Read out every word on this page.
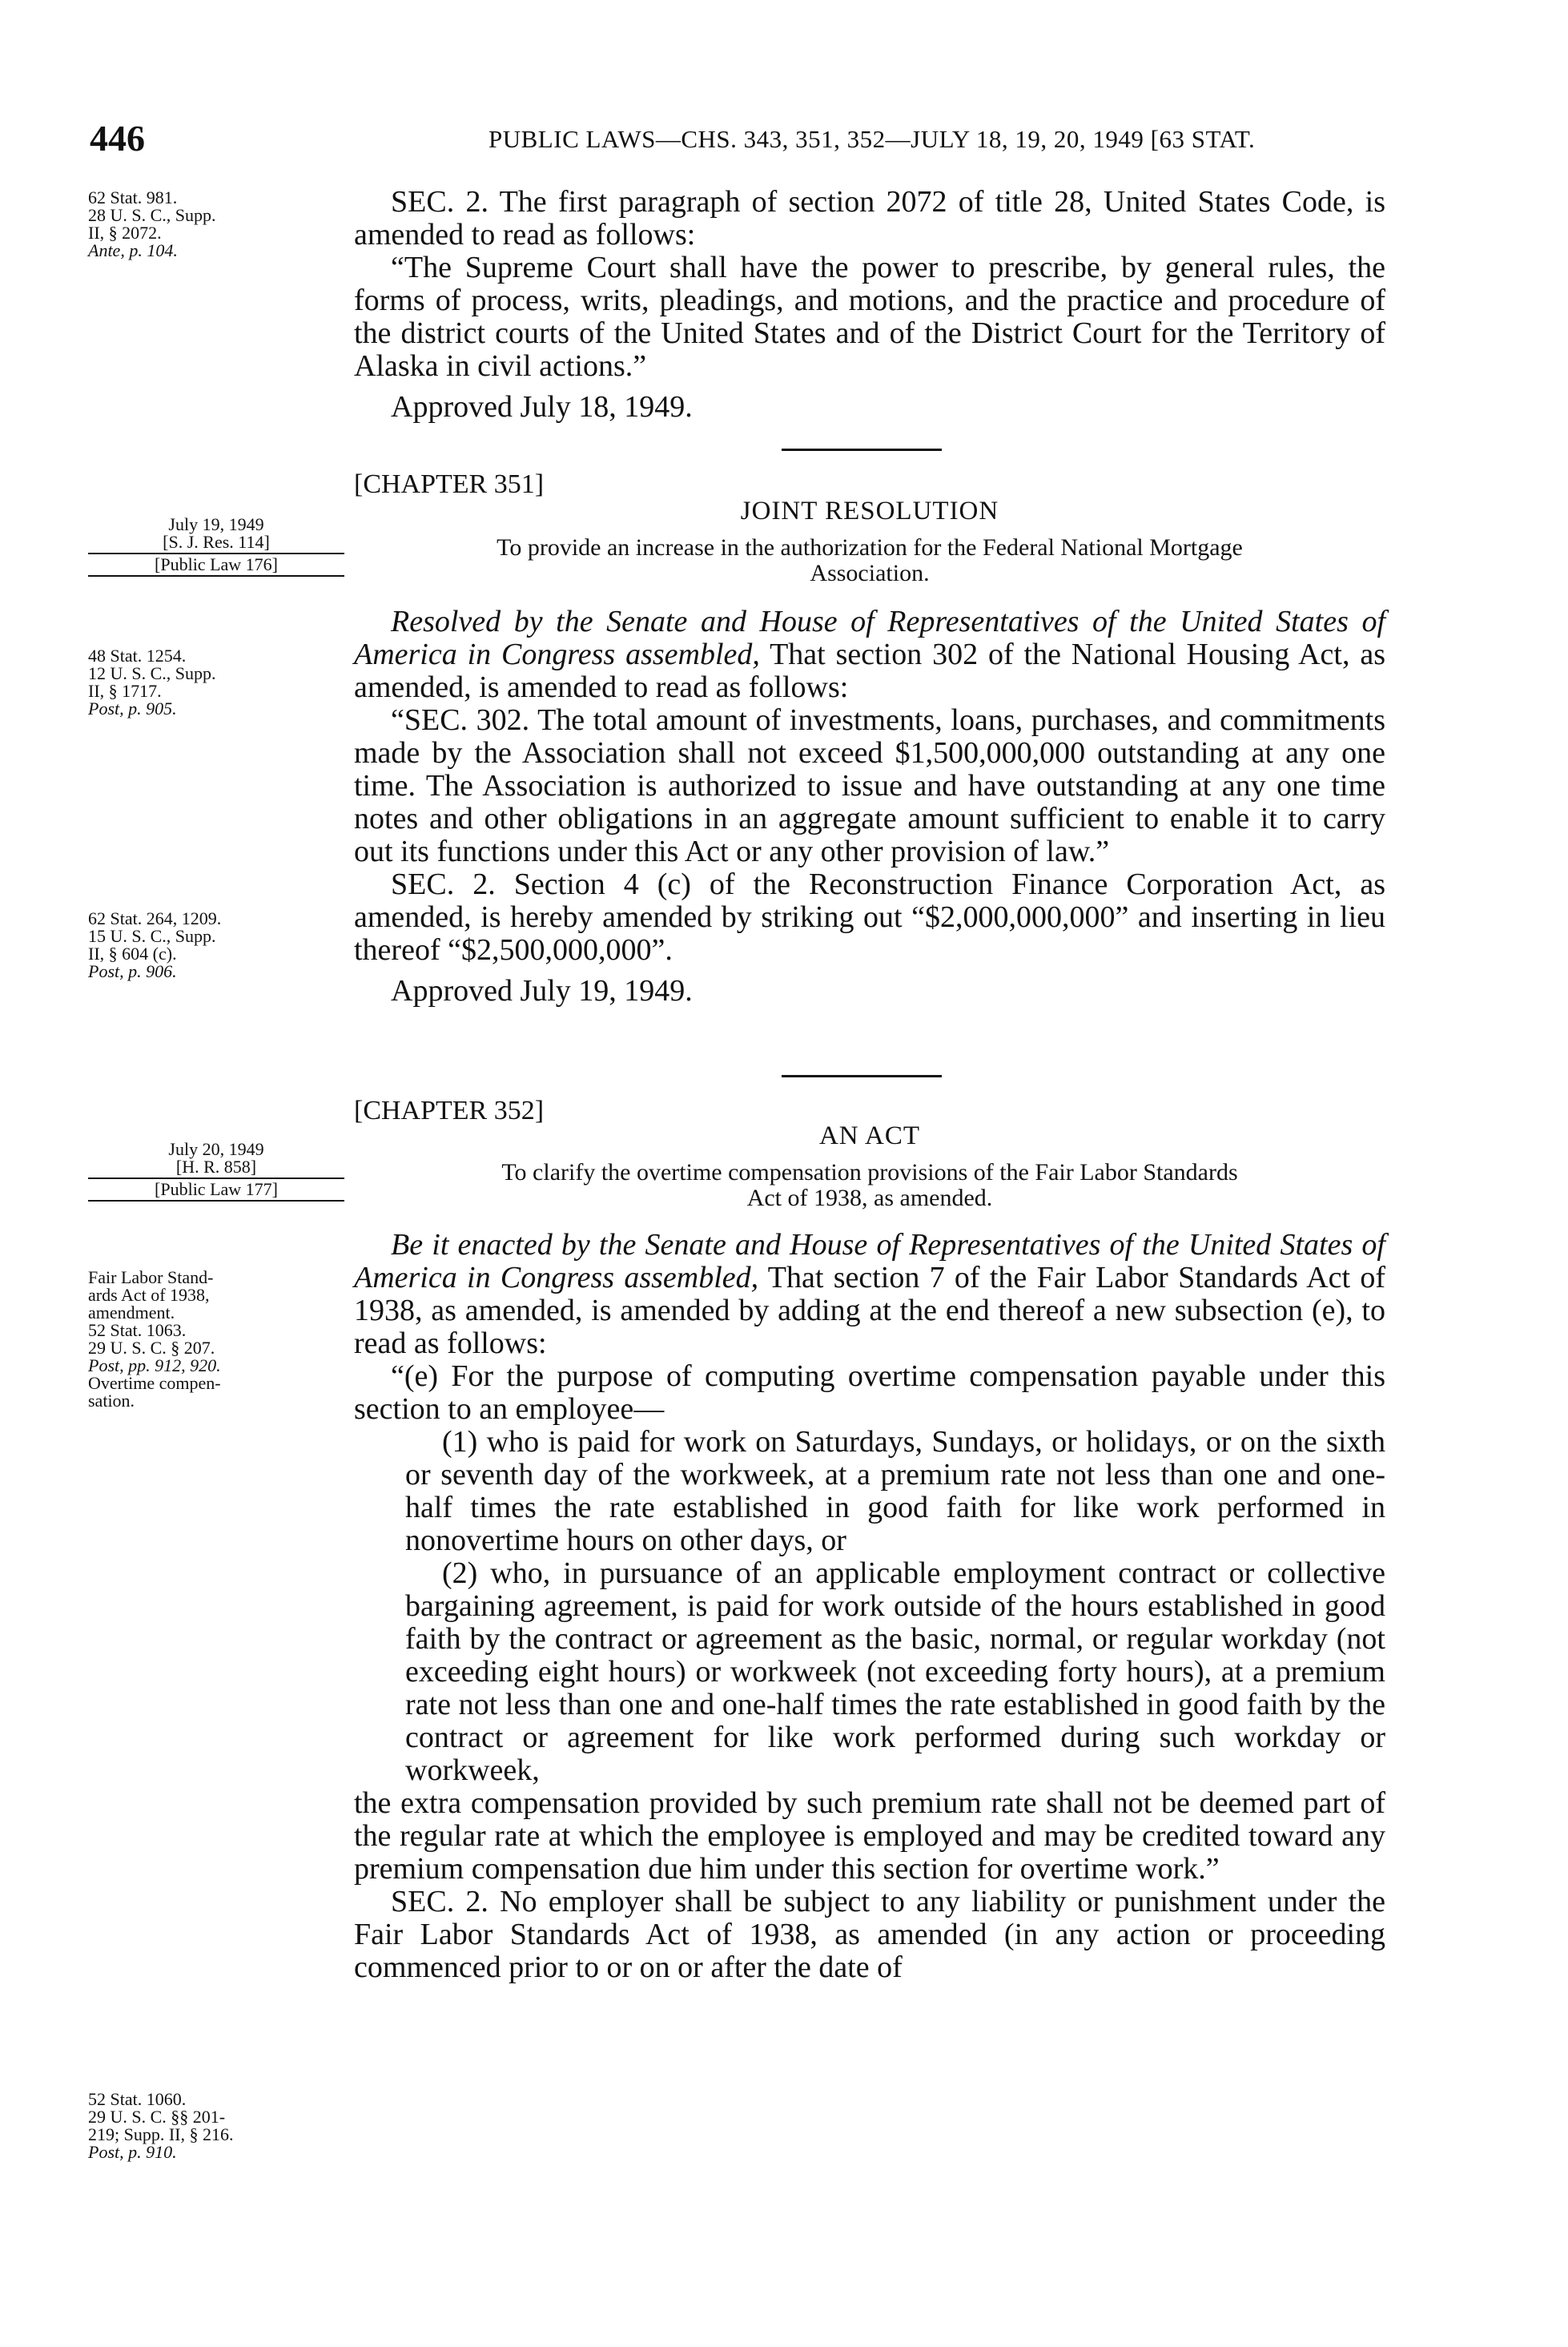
446	PUBLIC LAWS—CHS. 343, 351, 352—JULY 18, 19, 20, 1949 [63 STAT.
62 Stat. 981.
28 U. S. C., Supp.
II, § 2072.
Ante, p. 104.
July 19, 1949
[S. J. Res. 114]
[Public Law 176]
48 Stat. 1254.
12 U. S. C., Supp.
II, § 1717.
Post, p. 905.
62 Stat. 264, 1209.
15 U. S. C., Supp.
II, § 604 (c).
Post, p. 906.
July 20, 1949
[H. R. 858]
[Public Law 177]
Fair Labor Stand-
ards Act of 1938,
amendment.
52 Stat. 1063.
29 U. S. C. § 207.
Post, pp. 912, 920.
Overtime compen-
sation.
52 Stat. 1060.
29 U. S. C. §§ 201-
219; Supp. II, § 216.
Post, p. 910.

SEC. 2. The first paragraph of section 2072 of title 28, United States Code, is amended to read as follows:

“The Supreme Court shall have the power to prescribe, by general rules, the forms of process, writs, pleadings, and motions, and the practice and procedure of the district courts of the United States and of the District Court for the Territory of Alaska in civil actions.”

Approved July 18, 1949.

[CHAPTER 351]
JOINT RESOLUTION
To provide an increase in the authorization for the Federal National Mortgage
Association.

Resolved by the Senate and House of Representatives of the United States of America in Congress assembled, That section 302 of the National Housing Act, as amended, is amended to read as follows:

“SEC. 302. The total amount of investments, loans, purchases, and commitments made by the Association shall not exceed $1,500,000,000 outstanding at any one time. The Association is authorized to issue and have outstanding at any one time notes and other obligations in an aggregate amount sufficient to enable it to carry out its functions under this Act or any other provision of law.”

SEC. 2. Section 4 (c) of the Reconstruction Finance Corporation Act, as amended, is hereby amended by striking out “$2,000,000,000” and inserting in lieu thereof “$2,500,000,000”.

Approved July 19, 1949.

[CHAPTER 352]
AN ACT
To clarify the overtime compensation provisions of the Fair Labor Standards
Act of 1938, as amended.

Be it enacted by the Senate and House of Representatives of the United States of America in Congress assembled, That section 7 of the Fair Labor Standards Act of 1938, as amended, is amended by adding at the end thereof a new subsection (e), to read as follows:

“(e) For the purpose of computing overtime compensation payable under this section to an employee—

(1) who is paid for work on Saturdays, Sundays, or holidays, or on the sixth or seventh day of the workweek, at a premium rate not less than one and one-half times the rate established in good faith for like work performed in nonovertime hours on other days, or

(2) who, in pursuance of an applicable employment contract or collective bargaining agreement, is paid for work outside of the hours established in good faith by the contract or agreement as the basic, normal, or regular workday (not exceeding eight hours) or workweek (not exceeding forty hours), at a premium rate not less than one and one-half times the rate established in good faith by the contract or agreement for like work performed during such workday or workweek,

the extra compensation provided by such premium rate shall not be deemed part of the regular rate at which the employee is employed and may be credited toward any premium compensation due him under this section for overtime work.”

SEC. 2. No employer shall be subject to any liability or punishment under the Fair Labor Standards Act of 1938, as amended (in any action or proceeding commenced prior to or on or after the date of
